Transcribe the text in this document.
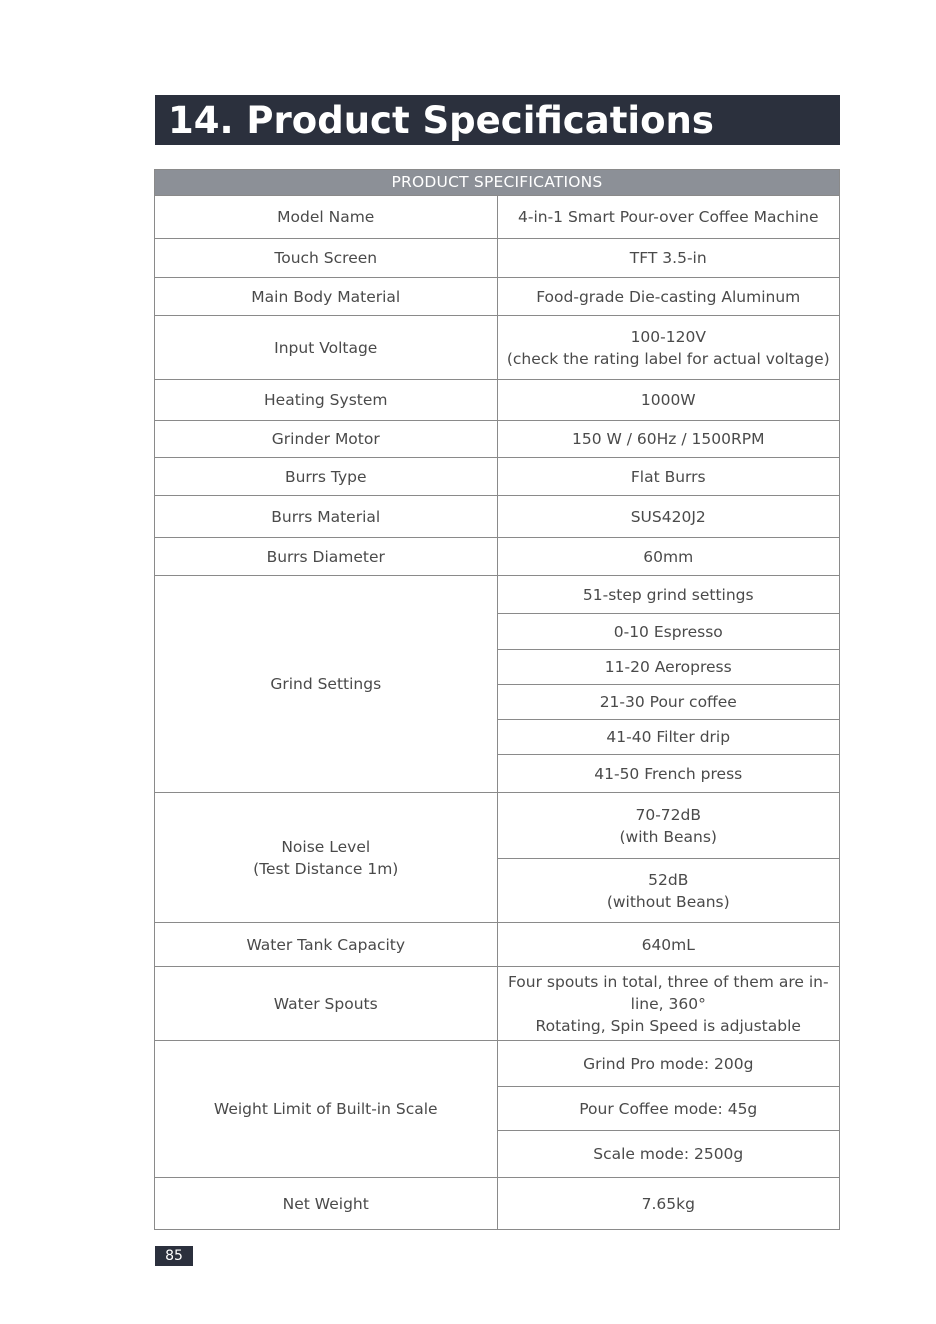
14. Product Specifications
PRODUCT SPECIFICATIONS	
Model Name	4-in-1 Smart Pour-over Coffee Machine
Touch Screen	TFT 3.5-in
Main Body Material	Food-grade Die-casting Aluminum
Input Voltage	100-120V
(check the rating label for actual voltage)

Heating System	1000W
Grinder Motor	150 W / 60Hz / 1500RPM
Burrs Type	Flat Burrs
Burrs Material	SUS420J2
Burrs Diameter	60mm
Grind Settings	51-step grind settings
	0-10 Espresso
	11-20 Aeropress
	21-30 Pour coffee
	41-40 Filter drip
	41-50 French press

Noise Level
(Test Distance 1m)	70-72dB
(with Beans)

	52dB
(without Beans)

Water Tank Capacity	640mL
Water Spouts	Four spouts in total, three of them are in-line, 360°
Rotating, Spin Speed is adjustable

Weight Limit of Built-in Scale	Grind Pro mode: 200g
	Pour Coffee mode: 45g
	Scale mode: 2500g
Net Weight	7.65kg
85
